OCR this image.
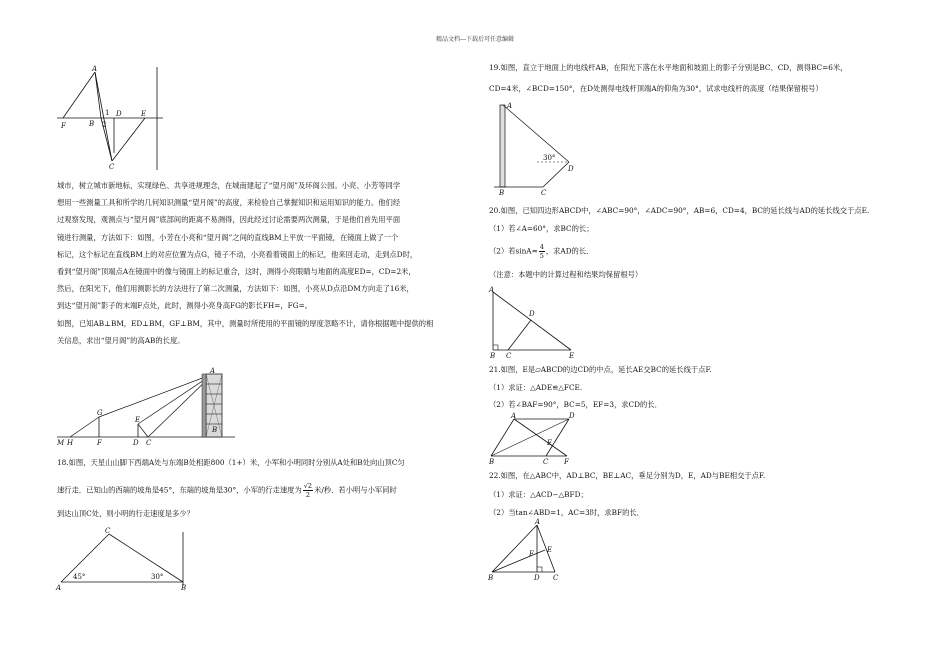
精品文档---下载后可任意编辑
A
F	B
1
2
D	E
C
城市，树立城市新地标，实现绿色、共享进规理念，在城南建起了“望月阁”及环阁公园。小亮、小芳等同学
想用一些测量工具和所学的几何知识测量“望月阁”的高度，来检验自己掌握知识和运用知识的能力。他们经
过观察发现，观测点与“望月阁”底部间的距离不易测得，因此经过讨论需要两次测量，于是他们首先用平面
镜进行测量，方法如下：如图，小芳在小亮和“望月阁”之间的直线BM上平放一平面镜，在镜面上做了一个
标记，这个标记在直线BM上的对应位置为点G，镜子不动，小亮看着镜面上的标记，他来回走动，走到点D时，
看到“望月阁”顶端点A在镜面中的像与镜面上的标记重合，这时，测得小亮眼睛与地面的高度ED=，CD=2米，
然后，在阳光下，他们用测影长的方法进行了第二次测量，方法如下：如图，小亮从D点沿DM方向走了16米，
到达“望月阁”影子的末端F点处，此时，测得小亮身高FG的影长FH=，FG=。
如图，已知AB⊥BM，ED⊥BM，GF⊥BM，其中，测量时所使用的平面镜的厚度忽略不计，请你根据题中提供的相
关信息，求出“望月阁”的高AB的长度。
A
G
E
M H	F	D C
B
18.如图，天星山山脚下西端A处与东端B处相距800（1+）米，小军和小明同时分别从A处和B处向山顶C匀
速行走．已知山的西端的坡角是45°，东端的坡角是30°，小军的行走速度为 $\frac{√2}{2}$ 米/秒．若小明与小军同时
到达山顶C处，则小明的行走速度是多少？
C
A	B
45°	30°
19.如图，直立于地面上的电线杆AB，在阳光下落在水平地面和坡面上的影子分别是BC、CD，测得BC=6米，
CD=4米，∠BCD=150°，在D处测得电线杆顶端A的仰角为30°，试求电线杆的高度（结果保留根号）
A
B	C
D
30°
20.如图，已知四边形ABCD中，∠ABC=90°，∠ADC=90°，AB=6，CD=4，BC的延长线与AD的延长线交于点E.
（1）若∠A=60°，求BC的长；
（2）若$\sin A= \frac{4}{5}$ ，求AD的长．
（注意：本题中的计算过程和结果均保留根号）
A
D
B C	E
21.如图，E是▱ABCD的边CD的中点，延长AE交BC的延长线于点F.
（1）求证：△ADE≌△FCE.
（2）若∠BAF=90°，BC=5，EF=3，求CD的长．
A	D
E
B	C F
22.如图，在△ABC中，AD⊥BC，BE⊥AC，垂足分别为D，E，AD与BE相交于点F.
（1）求证：△ACD∽△BFD；
（2）当tan∠ABD=1，AC=3时，求BF的长．
A
F E
B	D C
